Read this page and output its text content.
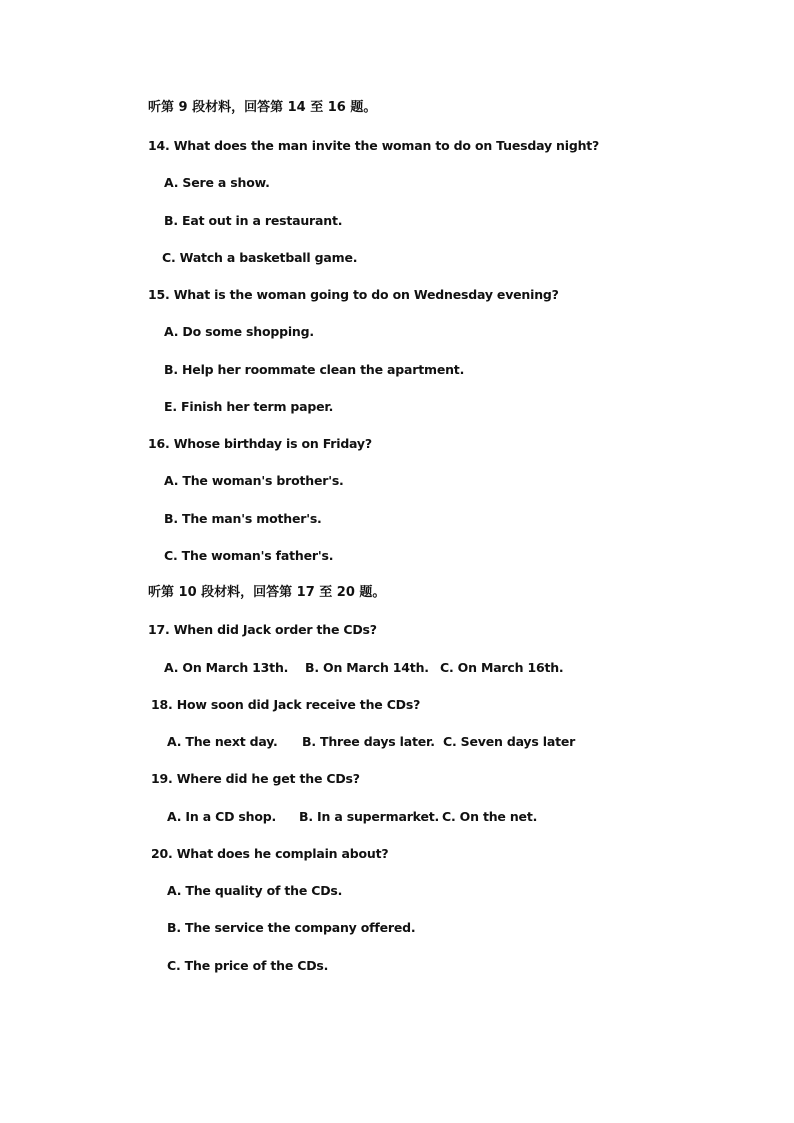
听第 9 段材料，回答第 14 至 16 题。
14. What does the man invite the woman to do on Tuesday night?
A. Sere a show.
B. Eat out in a restaurant.
C. Watch a basketball game.
15. What is the woman going to do on Wednesday evening?
A. Do some shopping.
B. Help her roommate clean the apartment.
E. Finish her term paper.
16. Whose birthday is on Friday?
A. The woman's brother's.
B. The man's mother's.
C. The woman's father's.
听第 10 段材料，回答第 17 至 20 题。
17. When did Jack order the CDs?
A. On March 13th. B. On March 14th. C. On March 16th.
18. How soon did Jack receive the CDs?
A. The next day. B. Three days later. C. Seven days later
19. Where did he get the CDs?
A. In a CD shop. B. In a supermarket. C. On the net.
20. What does he complain about?
A. The quality of the CDs.
B. The service the company offered.
C. The price of the CDs.
